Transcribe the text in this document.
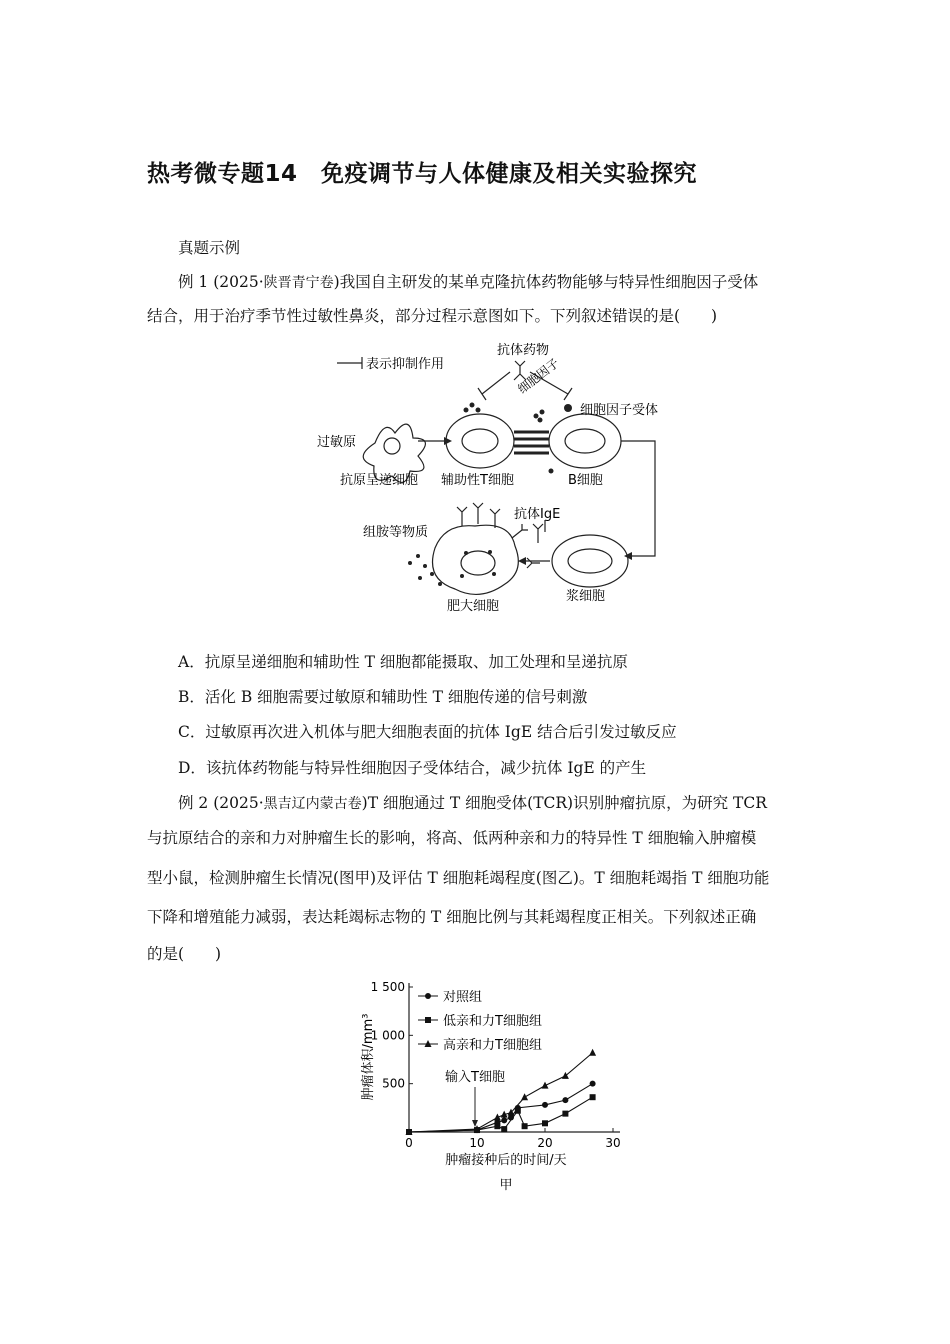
热考微专题14　免疫调节与人体健康及相关实验探究
真题示例
例 1 (2025·陕晋青宁卷)我国自主研发的某单克隆抗体药物能够与特异性细胞因子受体
结合，用于治疗季节性过敏性鼻炎，部分过程示意图如下。下列叙述错误的是(　　)
表示抑制作用
抗体药物
细胞因子
细胞因子受体
过敏原
抗原呈递细胞 辅助性T细胞	B细胞
抗体IgE
组胺等物质
肥大细胞
浆细胞
A．抗原呈递细胞和辅助性 T 细胞都能摄取、加工处理和呈递抗原
B．活化 B 细胞需要过敏原和辅助性 T 细胞传递的信号刺激
C．过敏原再次进入机体与肥大细胞表面的抗体 IgE 结合后引发过敏反应
D．该抗体药物能与特异性细胞因子受体结合，减少抗体 IgE 的产生
例 2 (2025·黑吉辽内蒙古卷)T 细胞通过 T 细胞受体(TCR)识别肿瘤抗原，为研究 TCR
与抗原结合的亲和力对肿瘤生长的影响，将高、低两种亲和力的特异性 T 细胞输入肿瘤模
型小鼠，检测肿瘤生长情况(图甲)及评估 T 细胞耗竭程度(图乙)。T 细胞耗竭指 T 细胞功能
下降和增殖能力减弱，表达耗竭标志物的 T 细胞比例与其耗竭程度正相关。下列叙述正确
的是(　　)
0	10	20	30
500
1 000
1 500
对照组
低亲和力T细胞组
高亲和力T细胞组
肿瘤体积/mm³
肿瘤接种后的时间/天
甲
输入T细胞
